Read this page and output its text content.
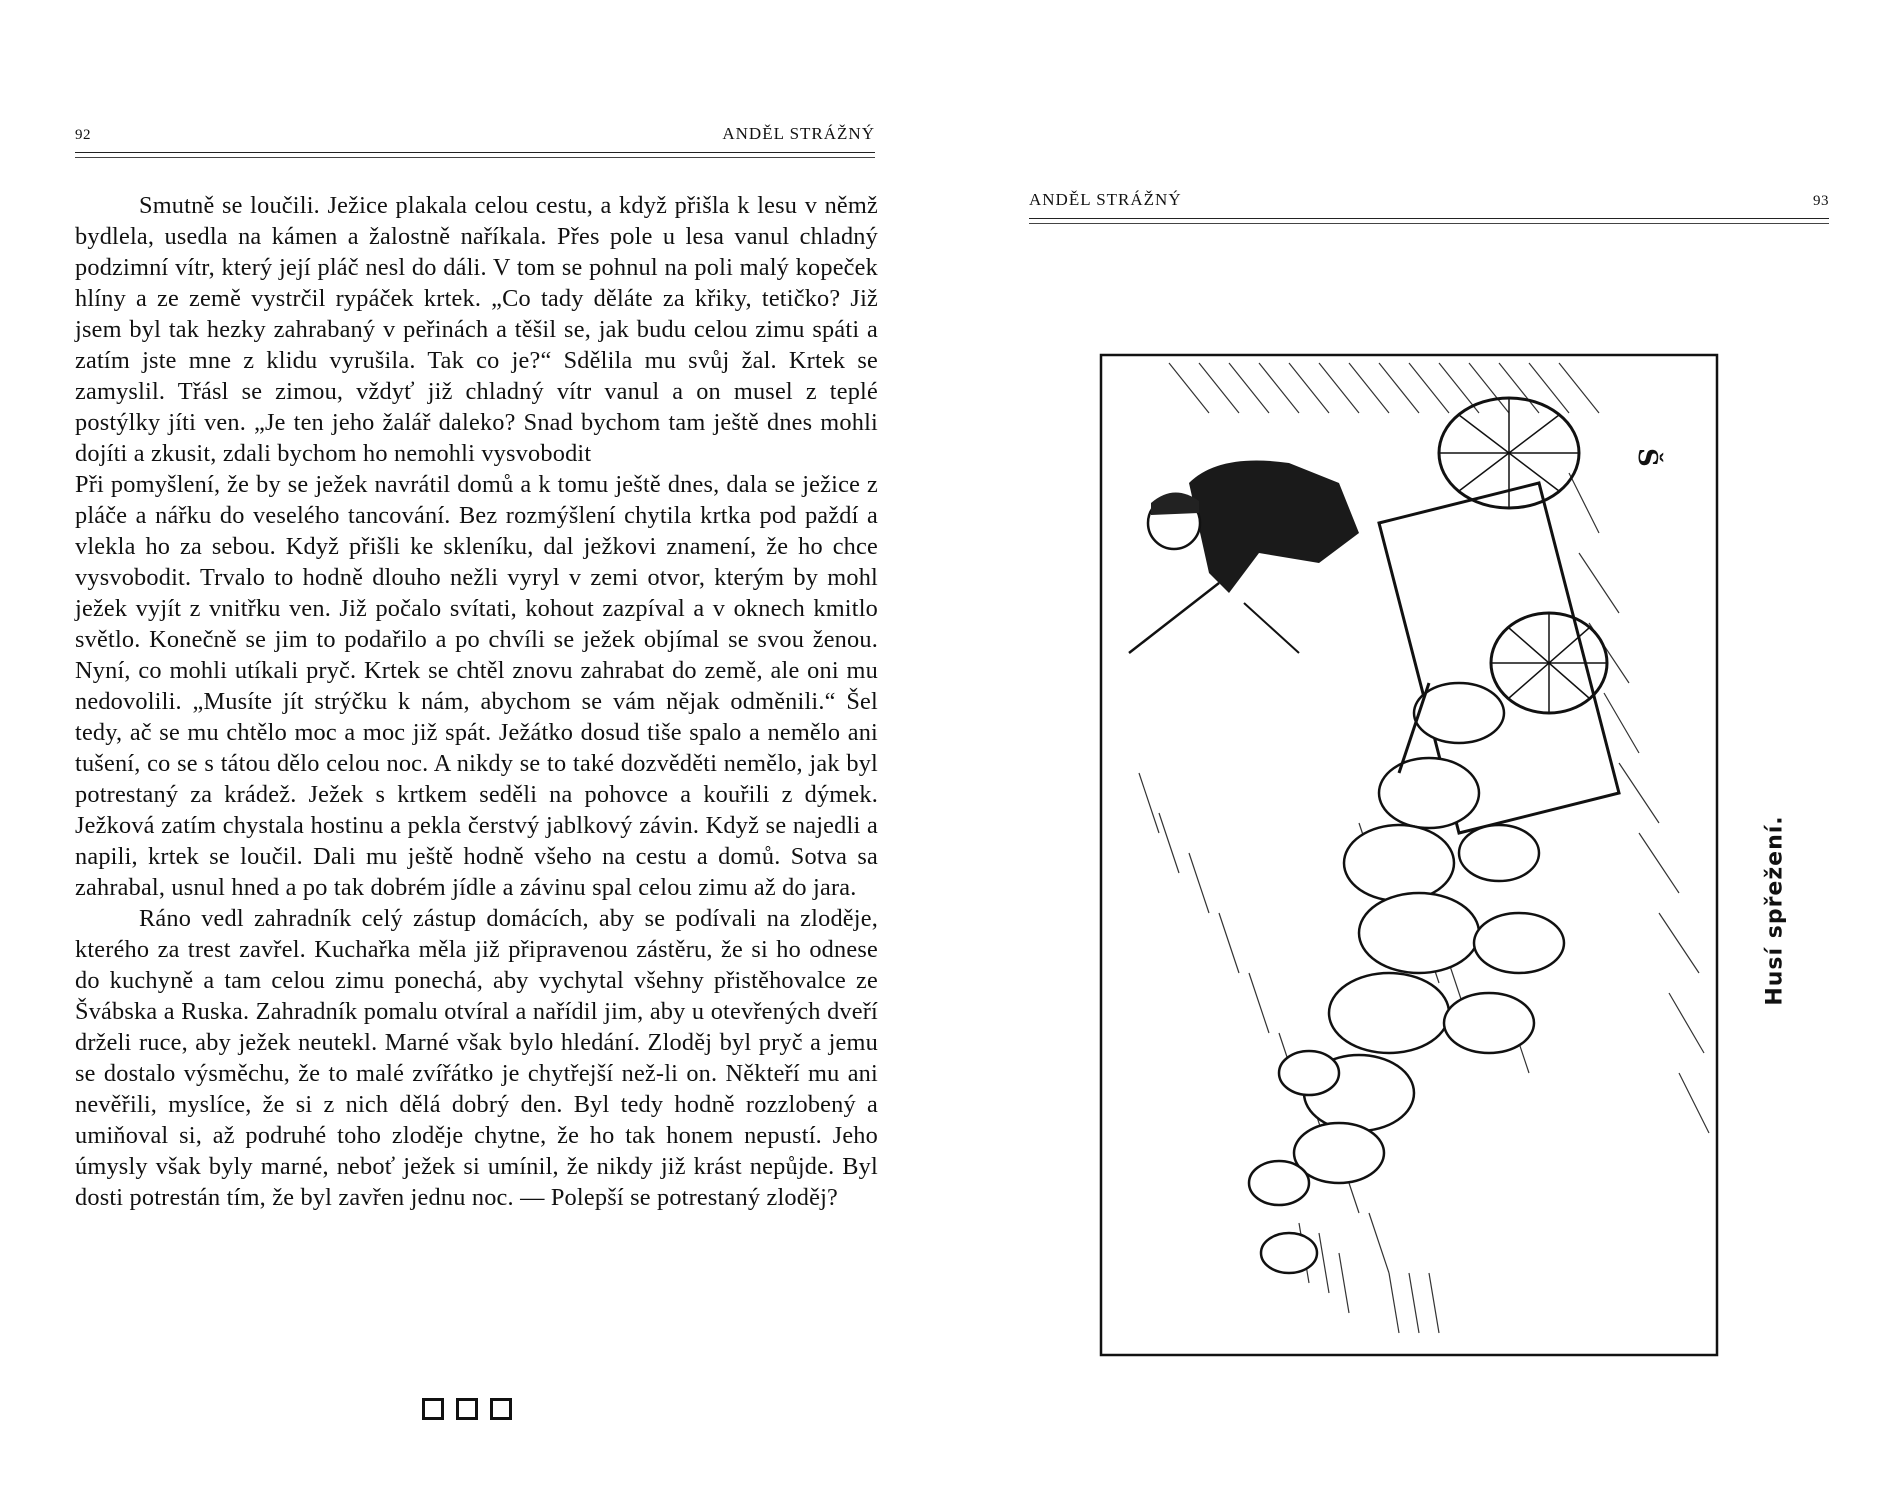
92	ANDĚL STRÁŽNÝ

Smutně se loučili. Ježice plakala celou cestu, a když přišla k lesu v němž bydlela, usedla na kámen a žalostně naříkala. Přes pole u lesa vanul chladný podzimní vítr, který její pláč nesl do dáli. V tom se pohnul na poli malý kopeček hlíny a ze země vystrčil rypáček krtek. „Co tady děláte za křiky, tetičko? Již jsem byl tak hezky zahrabaný v peřinách a těšil se, jak budu celou zimu spáti a zatím jste mne z klidu vyrušila. Tak co je?“ Sdělila mu svůj žal. Krtek se zamyslil. Třásl se zimou, vždyť již chladný vítr vanul a on musel z teplé postýlky jíti ven. „Je ten jeho žalář daleko? Snad bychom tam ještě dnes mohli dojíti a zkusit, zdali bychom ho nemohli vysvobodit

Při pomyšlení, že by se ježek navrátil domů a k tomu ještě dnes, dala se ježice z pláče a nářku do veselého tancování. Bez rozmýšlení chytila krtka pod paždí a vlekla ho za sebou. Když přišli ke skleníku, dal ježkovi znamení, že ho chce vysvobodit. Trvalo to hodně dlouho nežli vyryl v zemi otvor, kterým by mohl ježek vyjít z vnitřku ven. Již počalo svítati, kohout zazpíval a v oknech kmitlo světlo. Konečně se jim to podařilo a po chvíli se ježek objímal se svou ženou. Nyní, co mohli utíkali pryč. Krtek se chtěl znovu zahrabat do země, ale oni mu nedovolili. „Musíte jít strýčku k nám, abychom se vám nějak odměnili.“ Šel tedy, ač se mu chtělo moc a moc již spát. Ježátko dosud tiše spalo a nemělo ani tušení, co se s tátou dělo celou noc. A nikdy se to také dozvěděti nemělo, jak byl potrestaný za krádež. Ježek s krtkem seděli na pohovce a kouřili z dýmek. Ježková zatím chystala hostinu a pekla čerstvý jablkový závin. Když se najedli a napili, krtek se loučil. Dali mu ještě hodně všeho na cestu a domů. Sotva sa zahrabal, usnul hned a po tak dobrém jídle a závinu spal celou zimu až do jara.

Ráno vedl zahradník celý zástup domácích, aby se podívali na zloděje, kterého za trest zavřel. Kuchařka měla již připravenou zástěru, že si ho odnese do kuchyně a tam celou zimu ponechá, aby vychytal všehny přistěhovalce ze Švábska a Ruska. Zahradník pomalu otvíral a nařídil jim, aby u otevřených dveří drželi ruce, aby ježek neutekl. Marné však bylo hledání. Zloděj byl pryč a jemu se dostalo výsměchu, že to malé zvířátko je chytřejší než-li on. Někteří mu ani nevěřili, myslíce, že si z nich dělá dobrý den. Byl tedy hodně rozzlobený a umiňoval si, až podruhé toho zloděje chytne, že ho tak honem nepustí. Jeho úmysly však byly marné, neboť ježek si umínil, že nikdy již krást nepůjde. Byl dosti potrestán tím, že byl zavřen jednu noc. — Polepší se potrestaný zloděj?

ANDĚL STRÁŽNÝ	93
Š
Husí spřežení.
